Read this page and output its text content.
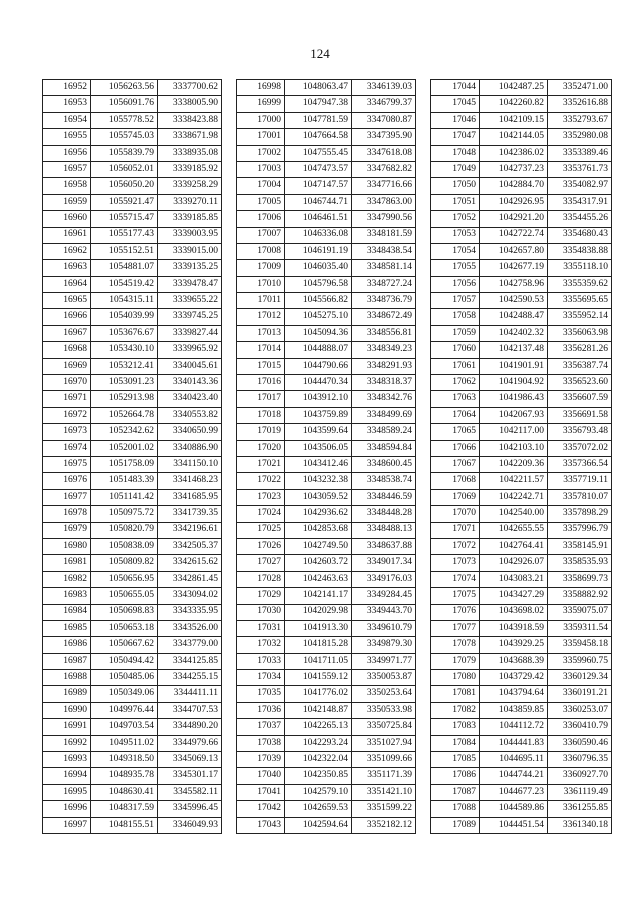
124
16952	1056263.56	3337700.62
16953	1056091.76	3338005.90
16954	1055778.52	3338423.88
16955	1055745.03	3338671.98
16956	1055839.79	3338935.08
16957	1056052.01	3339185.92
16958	1056050.20	3339258.29
16959	1055921.47	3339270.11
16960	1055715.47	3339185.85
16961	1055177.43	3339003.95
16962	1055152.51	3339015.00
16963	1054881.07	3339135.25
16964	1054519.42	3339478.47
16965	1054315.11	3339655.22
16966	1054039.99	3339745.25
16967	1053676.67	3339827.44
16968	1053430.10	3339965.92
16969	1053212.41	3340045.61
16970	1053091.23	3340143.36
16971	1052913.98	3340423.40
16972	1052664.78	3340553.82
16973	1052342.62	3340650.99
16974	1052001.02	3340886.90
16975	1051758.09	3341150.10
16976	1051483.39	3341468.23
16977	1051141.42	3341685.95
16978	1050975.72	3341739.35
16979	1050820.79	3342196.61
16980	1050838.09	3342505.37
16981	1050809.82	3342615.62
16982	1050656.95	3342861.45
16983	1050655.05	3343094.02
16984	1050698.83	3343335.95
16985	1050653.18	3343526.00
16986	1050667.62	3343779.00
16987	1050494.42	3344125.85
16988	1050485.06	3344255.15
16989	1050349.06	3344411.11
16990	1049976.44	3344707.53
16991	1049703.54	3344890.20
16992	1049511.02	3344979.66
16993	1049318.50	3345069.13
16994	1048935.78	3345301.17
16995	1048630.41	3345582.11
16996	1048317.59	3345996.45
16997	1048155.51	3346049.93
16998	1048063.47	3346139.03
16999	1047947.38	3346799.37
17000	1047781.59	3347080.87
17001	1047664.58	3347395.90
17002	1047555.45	3347618.08
17003	1047473.57	3347682.82
17004	1047147.57	3347716.66
17005	1046744.71	3347863.00
17006	1046461.51	3347990.56
17007	1046336.08	3348181.59
17008	1046191.19	3348438.54
17009	1046035.40	3348581.14
17010	1045796.58	3348727.24
17011	1045566.82	3348736.79
17012	1045275.10	3348672.49
17013	1045094.36	3348556.81
17014	1044888.07	3348349.23
17015	1044790.66	3348291.93
17016	1044470.34	3348318.37
17017	1043912.10	3348342.76
17018	1043759.89	3348499.69
17019	1043599.64	3348589.24
17020	1043506.05	3348594.84
17021	1043412.46	3348600.45
17022	1043232.38	3348538.74
17023	1043059.52	3348446.59
17024	1042936.62	3348448.28
17025	1042853.68	3348488.13
17026	1042749.50	3348637.88
17027	1042603.72	3349017.34
17028	1042463.63	3349176.03
17029	1042141.17	3349284.45
17030	1042029.98	3349443.70
17031	1041913.30	3349610.79
17032	1041815.28	3349879.30
17033	1041711.05	3349971.77
17034	1041559.12	3350053.87
17035	1041776.02	3350253.64
17036	1042148.87	3350533.98
17037	1042265.13	3350725.84
17038	1042293.24	3351027.94
17039	1042322.04	3351099.66
17040	1042350.85	3351171.39
17041	1042579.10	3351421.10
17042	1042659.53	3351599.22
17043	1042594.64	3352182.12
17044	1042487.25	3352471.00
17045	1042260.82	3352616.88
17046	1042109.15	3352793.67
17047	1042144.05	3352980.08
17048	1042386.02	3353389.46
17049	1042737.23	3353761.73
17050	1042884.70	3354082.97
17051	1042926.95	3354317.91
17052	1042921.20	3354455.26
17053	1042722.74	3354680.43
17054	1042657.80	3354838.88
17055	1042677.19	3355118.10
17056	1042758.96	3355359.62
17057	1042590.53	3355695.65
17058	1042488.47	3355952.14
17059	1042402.32	3356063.98
17060	1042137.48	3356281.26
17061	1041901.91	3356387.74
17062	1041904.92	3356523.60
17063	1041986.43	3356607.59
17064	1042067.93	3356691.58
17065	1042117.00	3356793.48
17066	1042103.10	3357072.02
17067	1042209.36	3357366.54
17068	1042211.57	3357719.11
17069	1042242.71	3357810.07
17070	1042540.00	3357898.29
17071	1042655.55	3357996.79
17072	1042764.41	3358145.91
17073	1042926.07	3358535.93
17074	1043083.21	3358699.73
17075	1043427.29	3358882.92
17076	1043698.02	3359075.07
17077	1043918.59	3359311.54
17078	1043929.25	3359458.18
17079	1043688.39	3359960.75
17080	1043729.42	3360129.34
17081	1043794.64	3360191.21
17082	1043859.85	3360253.07
17083	1044112.72	3360410.79
17084	1044441.83	3360590.46
17085	1044695.11	3360796.35
17086	1044744.21	3360927.70
17087	1044677.23	3361119.49
17088	1044589.86	3361255.85
17089	1044451.54	3361340.18
